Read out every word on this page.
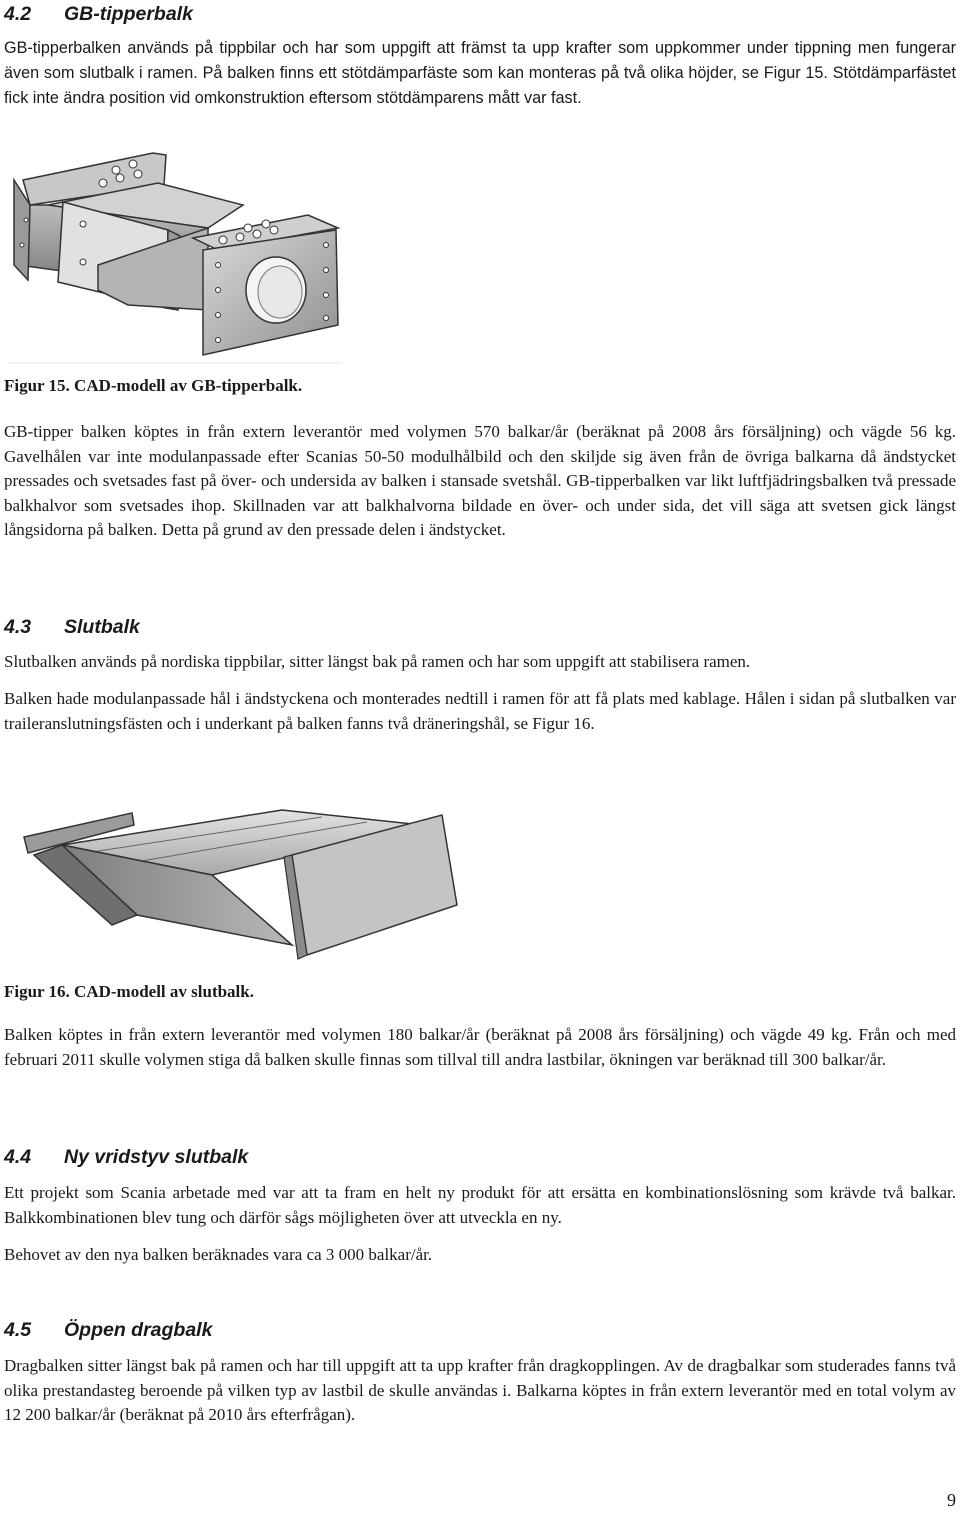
4.2 GB-tipperbalk

GB-tipperbalken används på tippbilar och har som uppgift att främst ta upp krafter som uppkommer under tippning men fungerar även som slutbalk i ramen. På balken finns ett stötdämparfäste som kan monteras på två olika höjder, se Figur 15. Stötdämparfästet fick inte ändra position vid omkonstruktion eftersom stötdämparens mått var fast.

Figur 15. CAD-modell av GB-tipperbalk.

GB-tipper balken köptes in från extern leverantör med volymen 570 balkar/år (beräknat på 2008 års försäljning) och vägde 56 kg. Gavelhålen var inte modulanpassade efter Scanias 50-50 modulhålbild och den skiljde sig även från de övriga balkarna då ändstycket pressades och svetsades fast på över- och undersida av balken i stansade svetshål. GB-tipperbalken var likt luftfjädringsbalken två pressade balkhalvor som svetsades ihop. Skillnaden var att balkhalvorna bildade en över- och under sida, det vill säga att svetsen gick längst långsidorna på balken. Detta på grund av den pressade delen i ändstycket.

4.3 Slutbalk

Slutbalken används på nordiska tippbilar, sitter längst bak på ramen och har som uppgift att stabilisera ramen.

Balken hade modulanpassade hål i ändstyckena och monterades nedtill i ramen för att få plats med kablage. Hålen i sidan på slutbalken var traileranslutningsfästen och i underkant på balken fanns två dräneringshål, se Figur 16.

Figur 16. CAD-modell av slutbalk.

Balken köptes in från extern leverantör med volymen 180 balkar/år (beräknat på 2008 års försäljning) och vägde 49 kg. Från och med februari 2011 skulle volymen stiga då balken skulle finnas som tillval till andra lastbilar, ökningen var beräknad till 300 balkar/år.

4.4 Ny vridstyv slutbalk

Ett projekt som Scania arbetade med var att ta fram en helt ny produkt för att ersätta en kombinationslösning som krävde två balkar. Balkkombinationen blev tung och därför sågs möjligheten över att utveckla en ny.

Behovet av den nya balken beräknades vara ca 3 000 balkar/år.

4.5 Öppen dragbalk

Dragbalken sitter längst bak på ramen och har till uppgift att ta upp krafter från dragkopplingen. Av de dragbalkar som studerades fanns två olika prestandasteg beroende på vilken typ av lastbil de skulle användas i. Balkarna köptes in från extern leverantör med en total volym av 12 200 balkar/år (beräknat på 2010 års efterfrågan).

9
